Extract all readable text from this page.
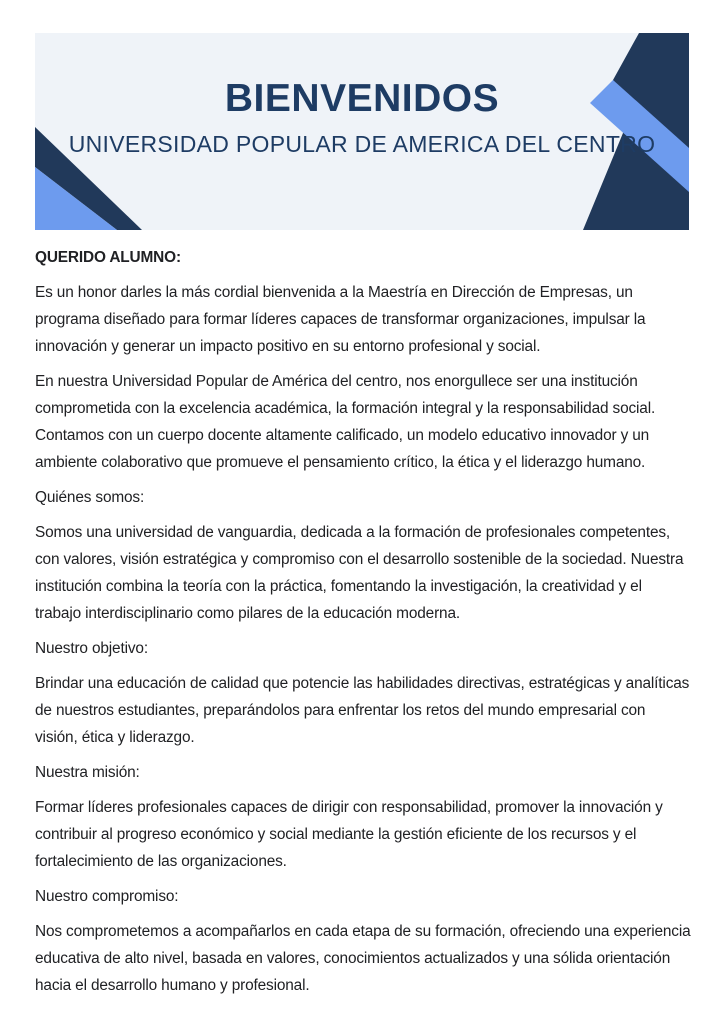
BIENVENIDOS
UNIVERSIDAD POPULAR DE AMERICA DEL CENTRO
QUERIDO ALUMNO:
Es un honor darles la más cordial bienvenida a la Maestría en Dirección de Empresas, un programa diseñado para formar líderes capaces de transformar organizaciones, impulsar la innovación y generar un impacto positivo en su entorno profesional y social.
En nuestra Universidad Popular de América del centro, nos enorgullece ser una institución comprometida con la excelencia académica, la formación integral y la responsabilidad social. Contamos con un cuerpo docente altamente calificado, un modelo educativo innovador y un ambiente colaborativo que promueve el pensamiento crítico, la ética y el liderazgo humano.
Quiénes somos:
Somos una universidad de vanguardia, dedicada a la formación de profesionales competentes, con valores, visión estratégica y compromiso con el desarrollo sostenible de la sociedad. Nuestra institución combina la teoría con la práctica, fomentando la investigación, la creatividad y el trabajo interdisciplinario como pilares de la educación moderna.
Nuestro objetivo:
Brindar una educación de calidad que potencie las habilidades directivas, estratégicas y analíticas de nuestros estudiantes, preparándolos para enfrentar los retos del mundo empresarial con visión, ética y liderazgo.
Nuestra misión:
Formar líderes profesionales capaces de dirigir con responsabilidad, promover la innovación y contribuir al progreso económico y social mediante la gestión eficiente de los recursos y el fortalecimiento de las organizaciones.
Nuestro compromiso:
Nos comprometemos a acompañarlos en cada etapa de su formación, ofreciendo una experiencia educativa de alto nivel, basada en valores, conocimientos actualizados y una sólida orientación hacia el desarrollo humano y profesional.
